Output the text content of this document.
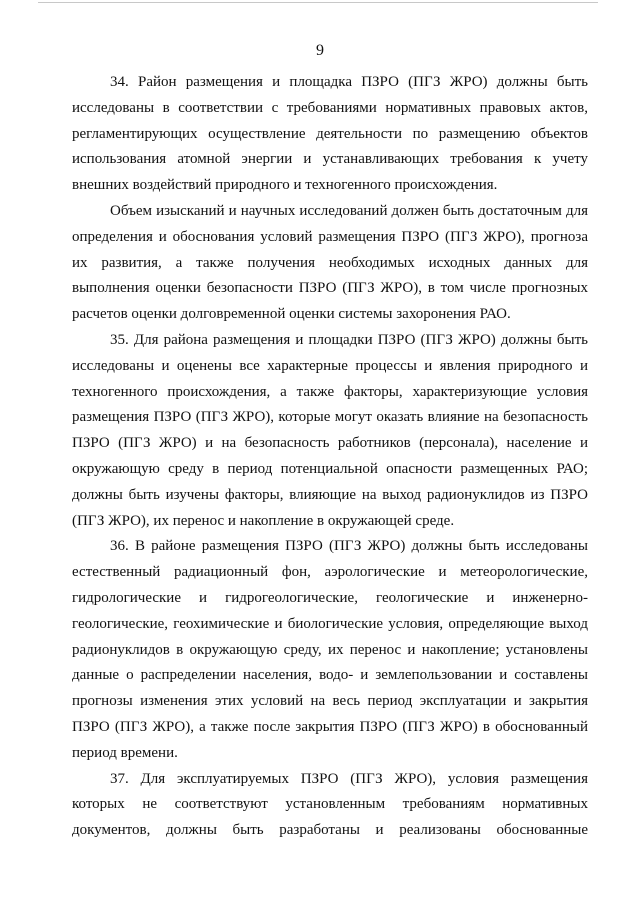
9

34. Район размещения и площадка ПЗРО (ПГЗ ЖРО) должны быть исследованы в соответствии с требованиями нормативных правовых актов, регламентирующих осуществление деятельности по размещению объектов использования атомной энергии и устанавливающих требования к учету внешних воздействий природного и техногенного происхождения.

Объем изысканий и научных исследований должен быть достаточным для определения и обоснования условий размещения ПЗРО (ПГЗ ЖРО), прогноза их развития, а также получения необходимых исходных данных для выполнения оценки безопасности ПЗРО (ПГЗ ЖРО), в том числе прогнозных расчетов оценки долговременной оценки системы захоронения РАО.

35. Для района размещения и площадки ПЗРО (ПГЗ ЖРО) должны быть исследованы и оценены все характерные процессы и явления природного и техногенного происхождения, а также факторы, характеризующие условия размещения ПЗРО (ПГЗ ЖРО), которые могут оказать влияние на безопасность ПЗРО (ПГЗ ЖРО) и на безопасность работников (персонала), население и окружающую среду в период потенциальной опасности размещенных РАО; должны быть изучены факторы, влияющие на выход радионуклидов из ПЗРО (ПГЗ ЖРО), их перенос и накопление в окружающей среде.

36. В районе размещения ПЗРО (ПГЗ ЖРО) должны быть исследованы естественный радиационный фон, аэрологические и метеорологические, гидрологические и гидрогеологические, геологические и инженерно-геологические, геохимические и биологические условия, определяющие выход радионуклидов в окружающую среду, их перенос и накопление; установлены данные о распределении населения, водо- и землепользовании и составлены прогнозы изменения этих условий на весь период эксплуатации и закрытия ПЗРО (ПГЗ ЖРО), а также после закрытия ПЗРО (ПГЗ ЖРО) в обоснованный период времени.

37. Для эксплуатируемых ПЗРО (ПГЗ ЖРО), условия размещения которых не соответствуют установленным требованиям нормативных документов, должны быть разработаны и реализованы обоснованные
